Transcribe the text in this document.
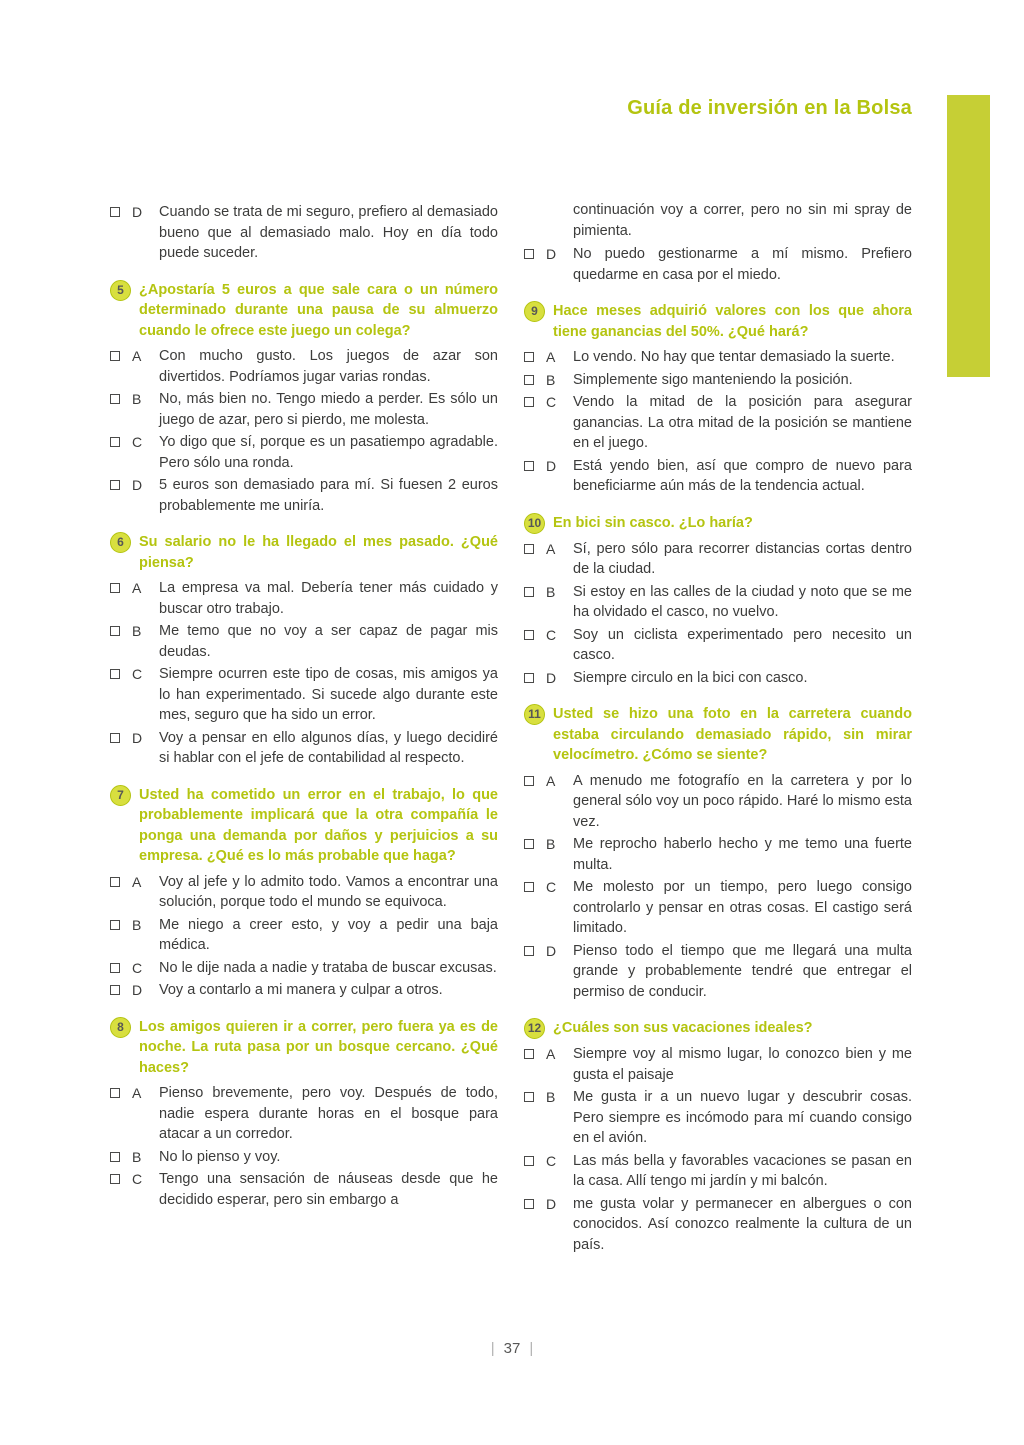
Guía de inversión en la Bolsa
D	Cuando se trata de mi seguro, prefiero al demasiado bueno que al demasiado malo. Hoy en día todo puede suceder.
5	¿Apostaría 5 euros a que sale cara o un número determinado durante una pausa de su almuerzo cuando le ofrece este juego un colega?
A	Con mucho gusto. Los juegos de azar son divertidos. Podríamos jugar varias rondas.
B	No, más bien no. Tengo miedo a perder. Es sólo un juego de azar, pero si pierdo, me molesta.
C	Yo digo que sí, porque es un pasatiempo agradable. Pero sólo una ronda.
D	5 euros son demasiado para mí. Si fuesen 2 euros probablemente me uniría.
6	Su salario no le ha llegado el mes pasado. ¿Qué piensa?
A	La empresa va mal. Debería tener más cuidado y buscar otro trabajo.
B	Me temo que no voy a ser capaz de pagar mis deudas.
C	Siempre ocurren este tipo de cosas, mis amigos ya lo han experimentado. Si sucede algo durante este mes, seguro que ha sido un error.
D	Voy a pensar en ello algunos días, y luego decidiré si hablar con el jefe de contabilidad al respecto.
7	Usted ha cometido un error en el trabajo, lo que probablemente implicará que la otra compañía le ponga una demanda por daños y perjuicios a su empresa. ¿Qué es lo más probable que haga?
A	Voy al jefe y lo admito todo. Vamos a encontrar una solución, porque todo el mundo se equivoca.
B	Me niego a creer esto, y voy a pedir una baja médica.
C	No le dije nada a nadie y trataba de buscar excusas.
D	Voy a contarlo a mi manera y culpar a otros.
8	Los amigos quieren ir a correr, pero fuera ya es de noche. La ruta pasa por un bosque cercano. ¿Qué haces?
A	Pienso brevemente, pero voy. Después de todo, nadie espera durante horas en el bosque para atacar a un corredor.
B	No lo pienso y voy.
C	Tengo una sensación de náuseas desde que he decidido esperar, pero sin embargo a
continuación voy a correr, pero no sin mi spray de pimienta.
D	No puedo gestionarme a mí mismo. Prefiero quedarme en casa por el miedo.
9	Hace meses adquirió valores con los que ahora tiene ganancias del 50%. ¿Qué hará?
A	Lo vendo. No hay que tentar demasiado la suerte.
B	Simplemente sigo manteniendo la posición.
C	Vendo la mitad de la posición para asegurar ganancias. La otra mitad de la posición se mantiene en el juego.
D	Está yendo bien, así que compro de nuevo para beneficiarme aún más de la tendencia actual.
10 En bici sin casco. ¿Lo haría?
A	Sí, pero sólo para recorrer distancias cortas dentro de la ciudad.
B	Si estoy en las calles de la ciudad y noto que se me ha olvidado el casco, no vuelvo.
C	Soy un ciclista experimentado pero necesito un casco.
D	Siempre circulo en la bici con casco.
11 Usted se hizo una foto en la carretera cuando estaba circulando demasiado rápido, sin mirar velocímetro. ¿Cómo se siente?
A	A menudo me fotografío en la carretera y por lo general sólo voy un poco rápido. Haré lo mismo esta vez.
B	Me reprocho haberlo hecho y me temo una fuerte multa.
C	Me molesto por un tiempo, pero luego consigo controlarlo y pensar en otras cosas. El castigo será limitado.
D	Pienso todo el tiempo que me llegará una multa grande y probablemente tendré que entregar el permiso de conducir.
12 ¿Cuáles son sus vacaciones ideales?
A	Siempre voy al mismo lugar, lo conozco bien y me gusta el paisaje
B	Me gusta ir a un nuevo lugar y descubrir cosas. Pero siempre es incómodo para mí cuando consigo en el avión.
C	Las más bella y favorables vacaciones se pasan en la casa. Allí tengo mi jardín y mi balcón.
D	me gusta volar y permanecer en albergues o con conocidos. Así conozco realmente la cultura de un país.
| 37 |
